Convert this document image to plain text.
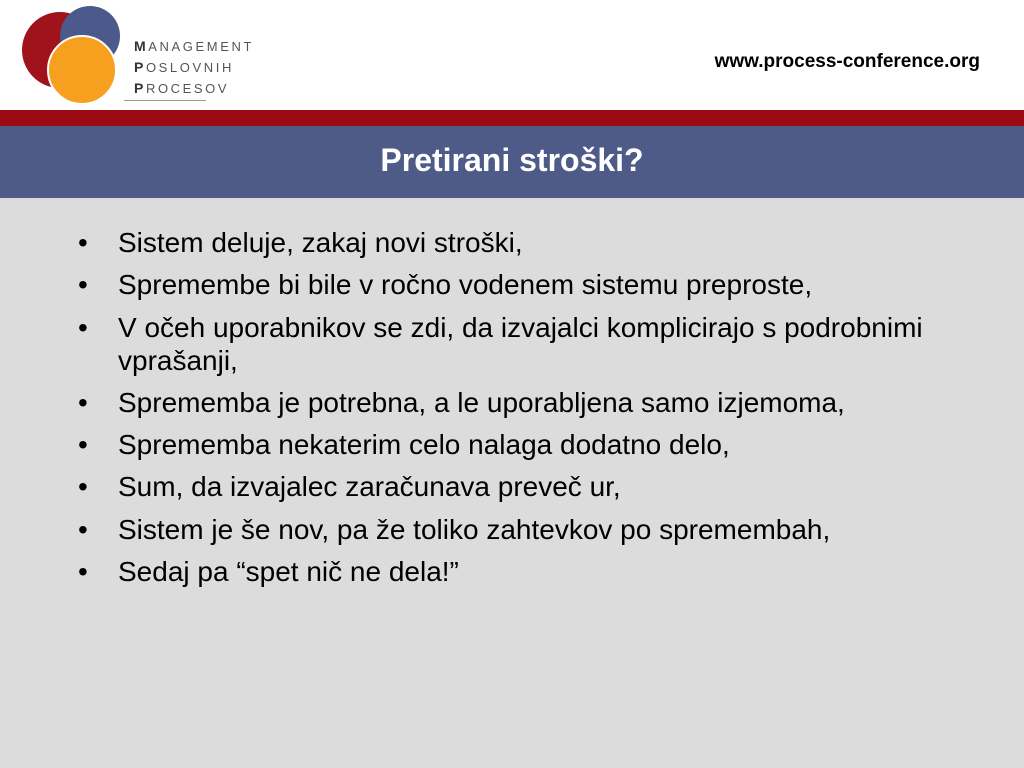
MANAGEMENT
POSLOVNIH
PROCESOV
www.process-conference.org
Pretirani stroški?
• Sistem deluje, zakaj novi stroški,
• Spremembe bi bile v ročno vodenem sistemu preproste,
• V očeh uporabnikov se zdi, da izvajalci komplicirajo s podrobnimi vprašanji,
• Sprememba je potrebna, a le uporabljena samo izjemoma,
• Sprememba nekaterim celo nalaga dodatno delo,
• Sum, da izvajalec zaračunava preveč ur,
• Sistem je še nov, pa že toliko zahtevkov po spremembah,
• Sedaj pa “spet nič ne dela!”
